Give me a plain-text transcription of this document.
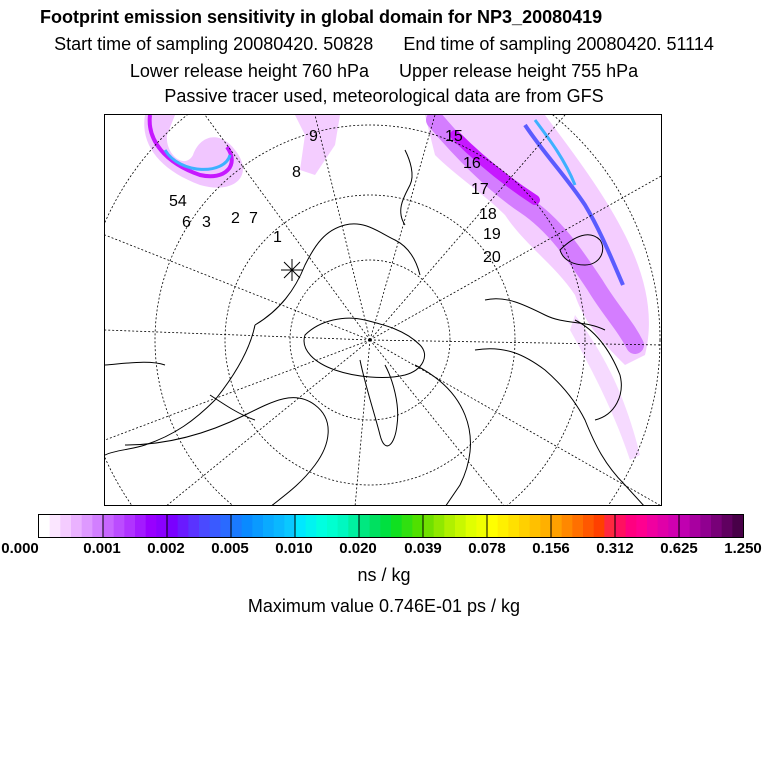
Footprint emission sensitivity in global domain for NP3_20080419
Start time of sampling 20080420. 50828 End time of sampling 20080420. 51114
Lower release height 760 hPa Upper release height 755 hPa
Passive tracer used, meteorological data are from GFS
9
8
54
6 3 2 7
1
15
16
17
18
19
20
0.000	0.001 0.002 0.005 0.010 0.020 0.039 0.078 0.156 0.312 0.625 1.250
ns / kg
Maximum value 0.746E-01 ps / kg
